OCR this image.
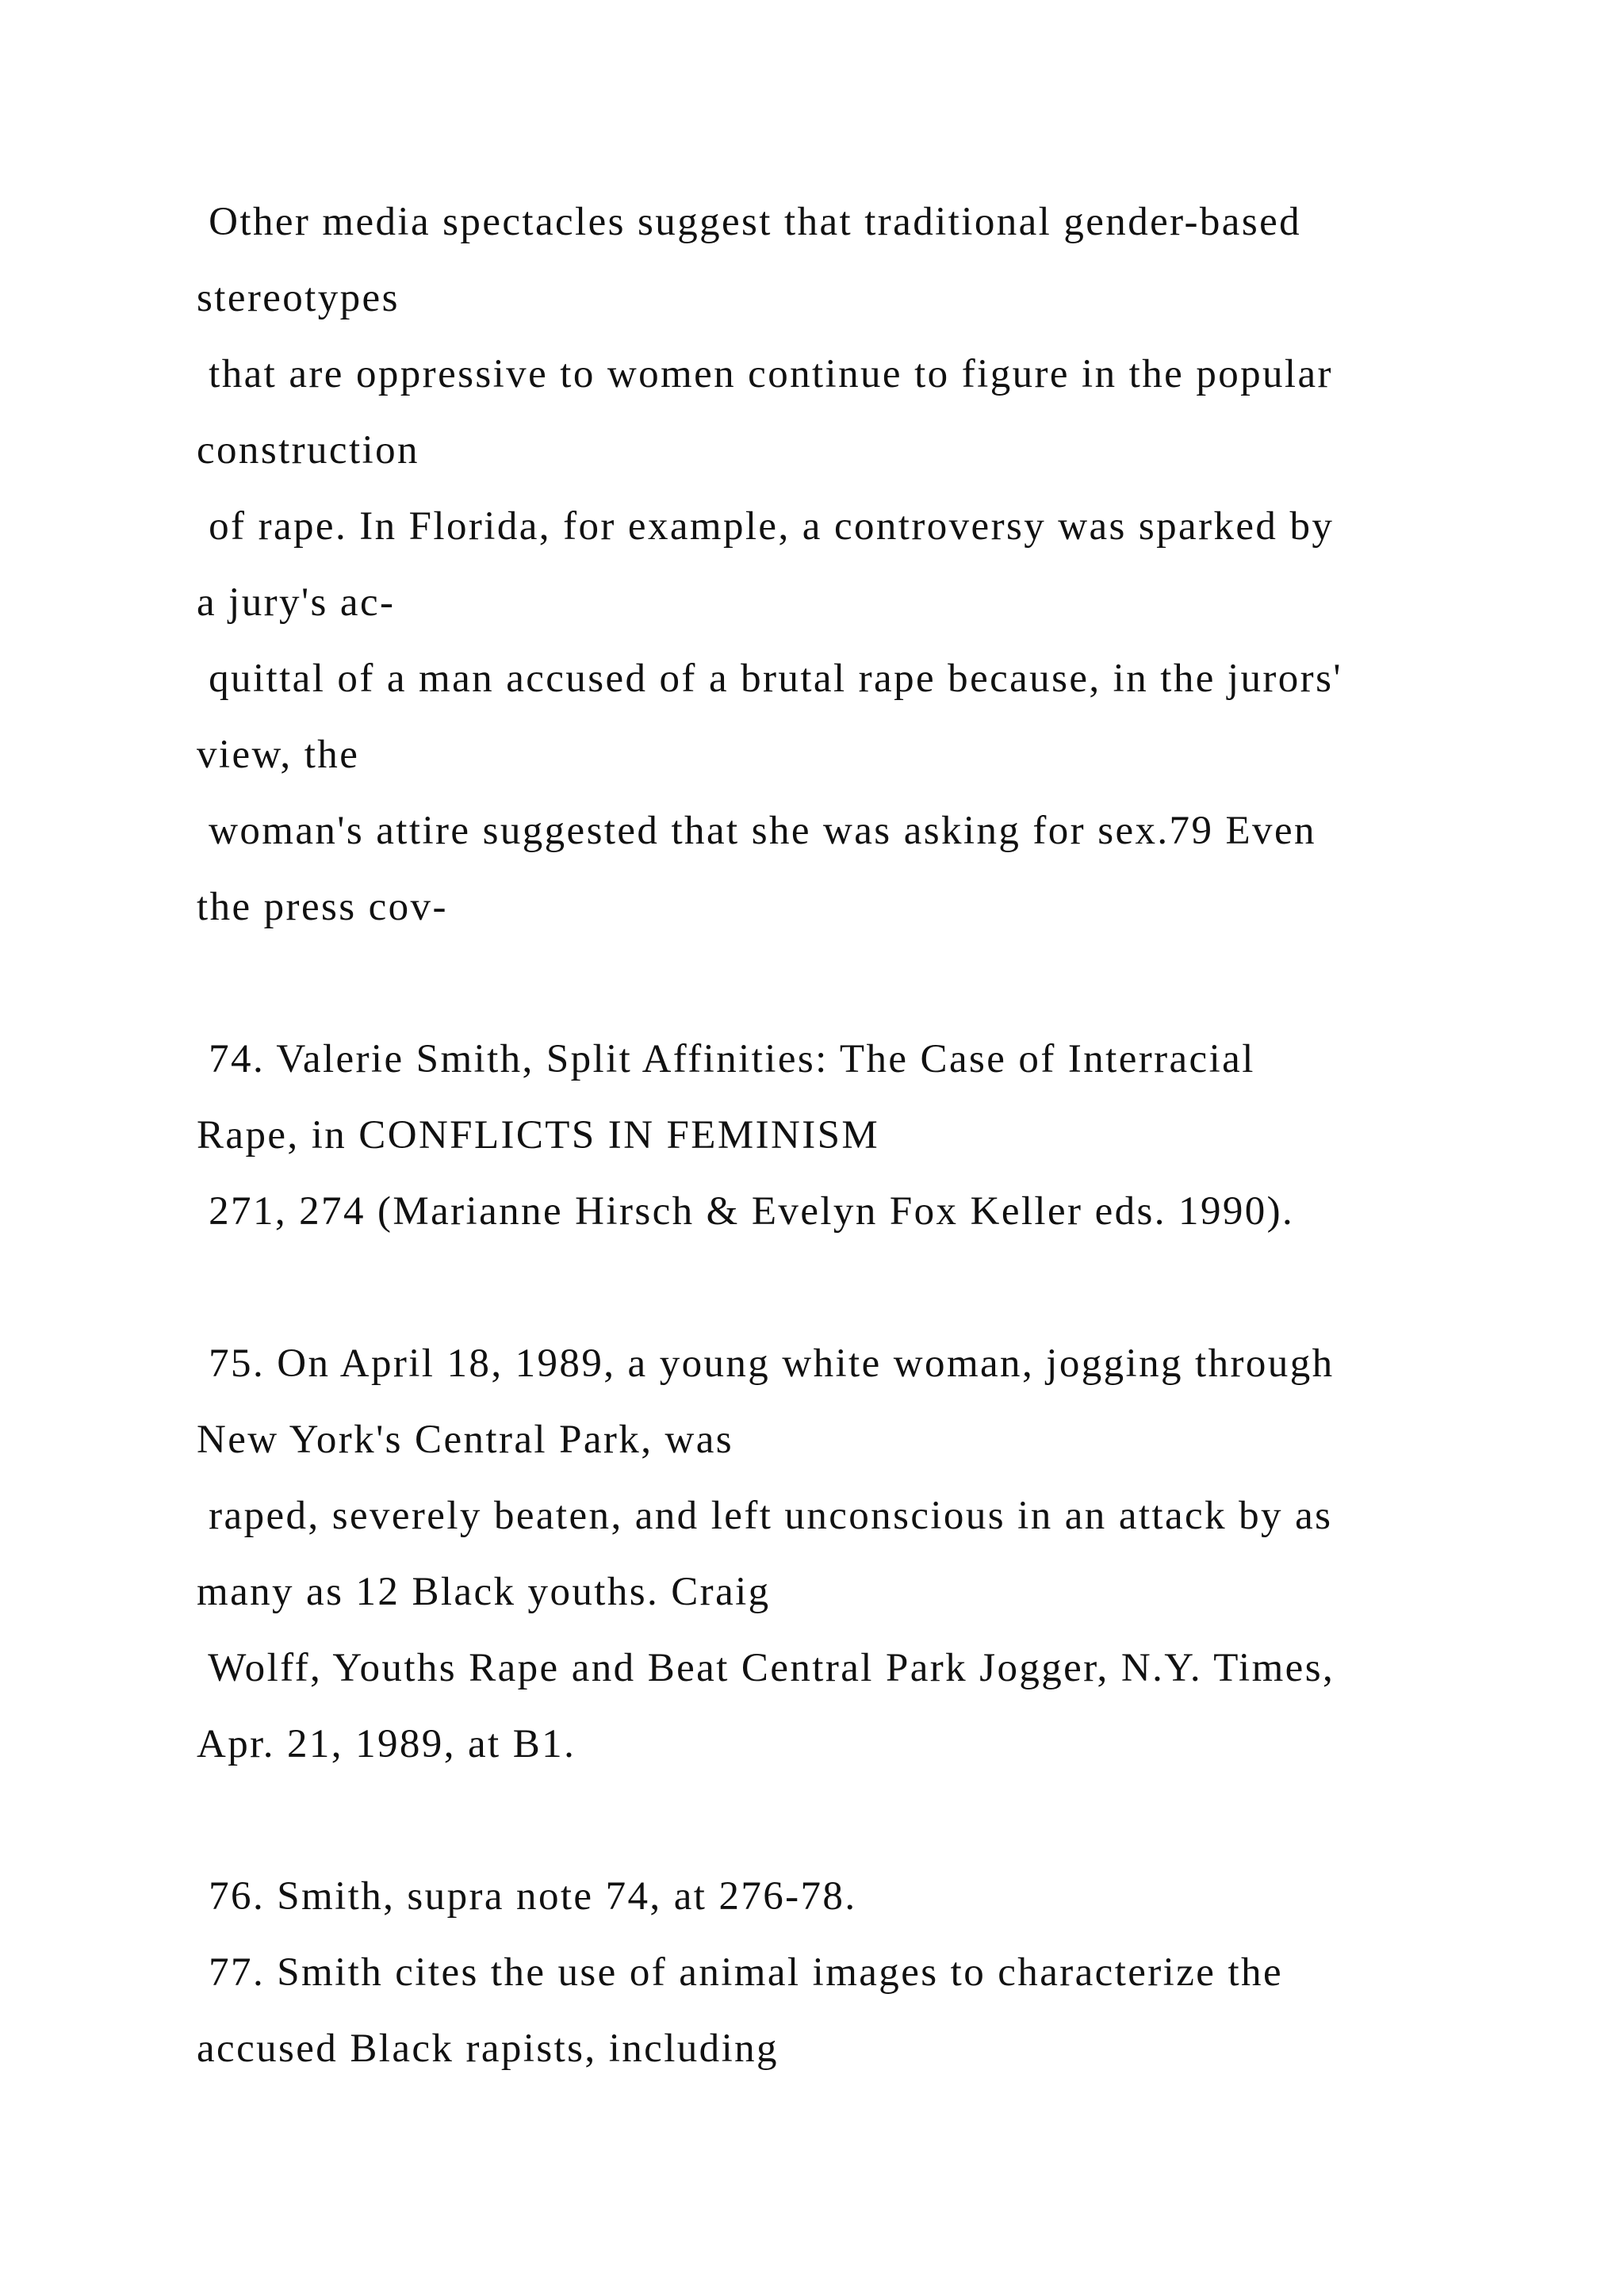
Other media spectacles suggest that traditional gender-based
stereotypes
that are oppressive to women continue to figure in the popular
construction
of rape. In Florida, for example, a controversy was sparked by
a jury's ac-
quittal of a man accused of a brutal rape because, in the jurors'
view, the
woman's attire suggested that she was asking for sex.79 Even
the press cov-
74. Valerie Smith, Split Affinities: The Case of Interracial
Rape, in CONFLICTS IN FEMINISM
271, 274 (Marianne Hirsch & Evelyn Fox Keller eds. 1990).
75. On April 18, 1989, a young white woman, jogging through
New York's Central Park, was
raped, severely beaten, and left unconscious in an attack by as
many as 12 Black youths. Craig
Wolff, Youths Rape and Beat Central Park Jogger, N.Y. Times,
Apr. 21, 1989, at B1.
76. Smith, supra note 74, at 276-78.
77. Smith cites the use of animal images to characterize the
accused Black rapists, including
